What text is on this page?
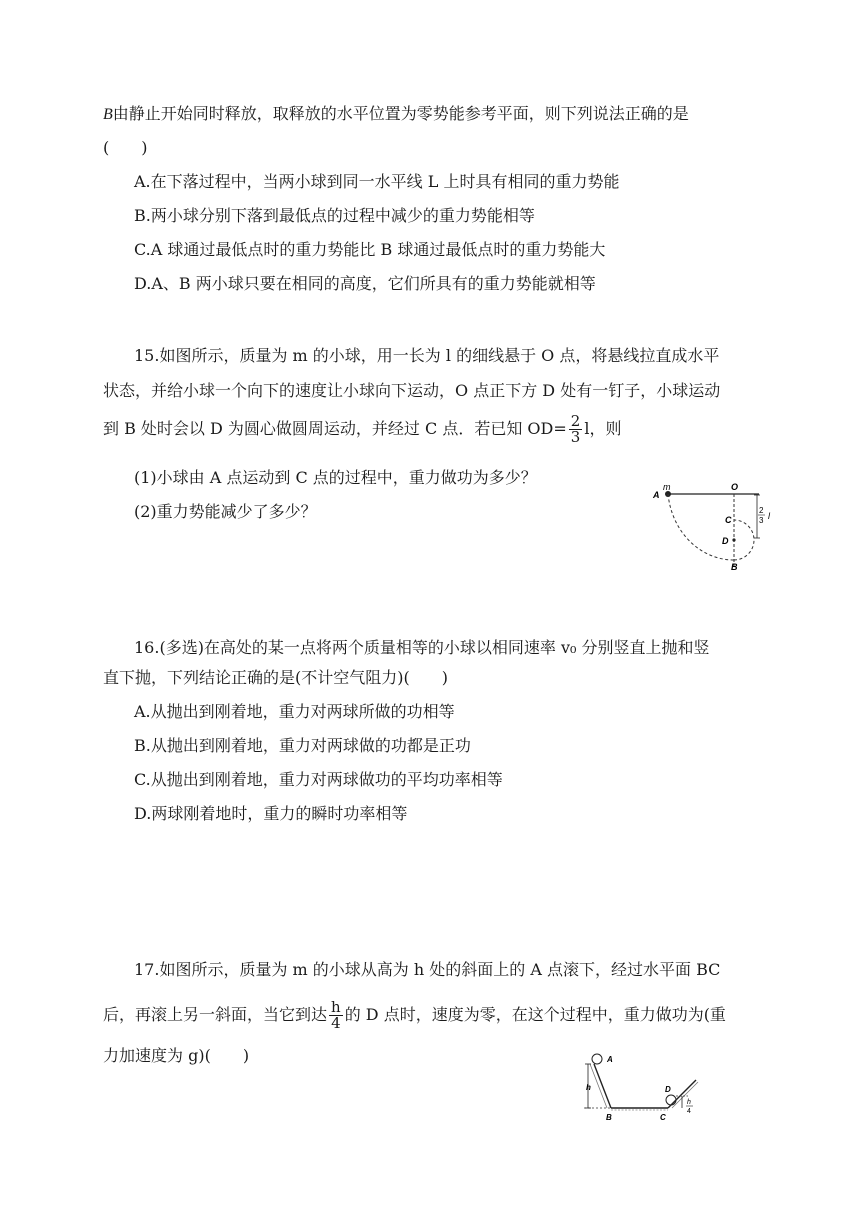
B由静止开始同时释放，取释放的水平位置为零势能参考平面，则下列说法正确的是
(　　)
A.在下落过程中，当两小球到同一水平线 L 上时具有相同的重力势能
B.两小球分别下落到最低点的过程中减少的重力势能相等
C.A 球通过最低点时的重力势能比 B 球通过最低点时的重力势能大
D.A、B 两小球只要在相同的高度，它们所具有的重力势能就相等
15.如图所示，质量为 m 的小球，用一长为 l 的细线悬于 O 点，将悬线拉直成水平
状态，并给小球一个向下的速度让小球向下运动，O 点正下方 D 处有一钉子，小球运动
到 B 处时会以 D 为圆心做圆周运动，并经过 C 点．若已知 $OD= \frac{2}{3}$ l，则
(1)小球由 A 点运动到 C 点的过程中，重力做功为多少？
(2)重力势能减少了多少？
m
A
O
C
D
B
2
3 l
16.(多选)在高处的某一点将两个质量相等的小球以相同速率 v₀ 分别竖直上抛和竖
直下抛，下列结论正确的是(不计空气阻力)(　　)
A.从抛出到刚着地，重力对两球所做的功相等
B.从抛出到刚着地，重力对两球做的功都是正功
C.从抛出到刚着地，重力对两球做功的平均功率相等
D.两球刚着地时，重力的瞬时功率相等
17.如图所示，质量为 m 的小球从高为 h 处的斜面上的 A 点滚下，经过水平面 BC
后，再滚上另一斜面，当它到达 $\frac{h}{4}$ 的 D 点时，速度为零，在这个过程中，重力做功为(重
力加速度为 g)(　　)	A
h
B	C
D
h
4
